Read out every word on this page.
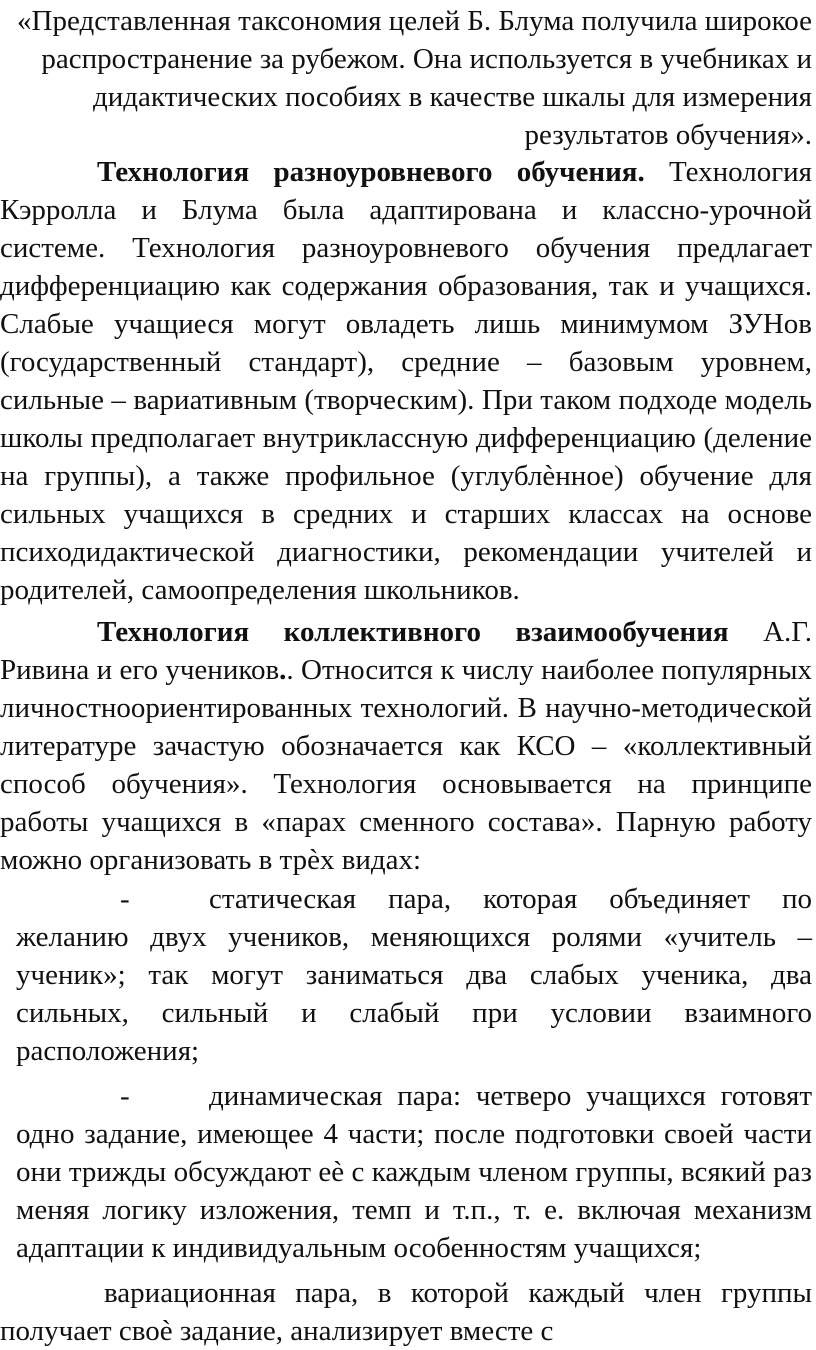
«Представленная таксономия целей Б. Блума получила широкое
распространение за рубежом. Она используется в учебниках и
дидактических пособиях в качестве шкалы для измерения
результатов обучения».

Технология разноуровневого обучения. Технология Кэрролла и Блума была адаптирована и классно-урочной системе. Технология разноуровневого обучения предлагает дифференциацию как содержания образования, так и учащихся. Слабые учащиеся могут овладеть лишь минимумом ЗУНов (государственный стандарт), средние – базовым уровнем, сильные – вариативным (творческим). При таком подходе модель школы предполагает внутриклассную дифференциацию (деление на группы), а также профильное (углублѐнное) обучение для сильных учащихся в средних и старших классах на основе психодидактической диагностики, рекомендации учителей и родителей, самоопределения школьников.

Технология коллективного взаимообучения А.Г. Ривина и его учеников.. Относится к числу наиболее популярных личностноориентированных технологий. В научно-методической литературе зачастую обозначается как КСО – «коллективный способ обучения». Технология основывается на принципе работы учащихся в «парах сменного состава». Парную работу можно организовать в трѐх видах:

-	статическая пара, которая объединяет по желанию двух учеников, меняющихся ролями «учитель – ученик»; так могут заниматься два слабых ученика, два сильных, сильный и слабый при условии взаимного расположения;

-	динамическая пара: четверо учащихся готовят одно задание, имеющее 4 части; после подготовки своей части они трижды обсуждают еѐ с каждым членом группы, всякий раз меняя логику изложения, темп и т.п., т. е. включая механизм адаптации к индивидуальным особенностям учащихся;

вариационная пара, в которой каждый член группы получает своѐ задание, анализирует вместе с
